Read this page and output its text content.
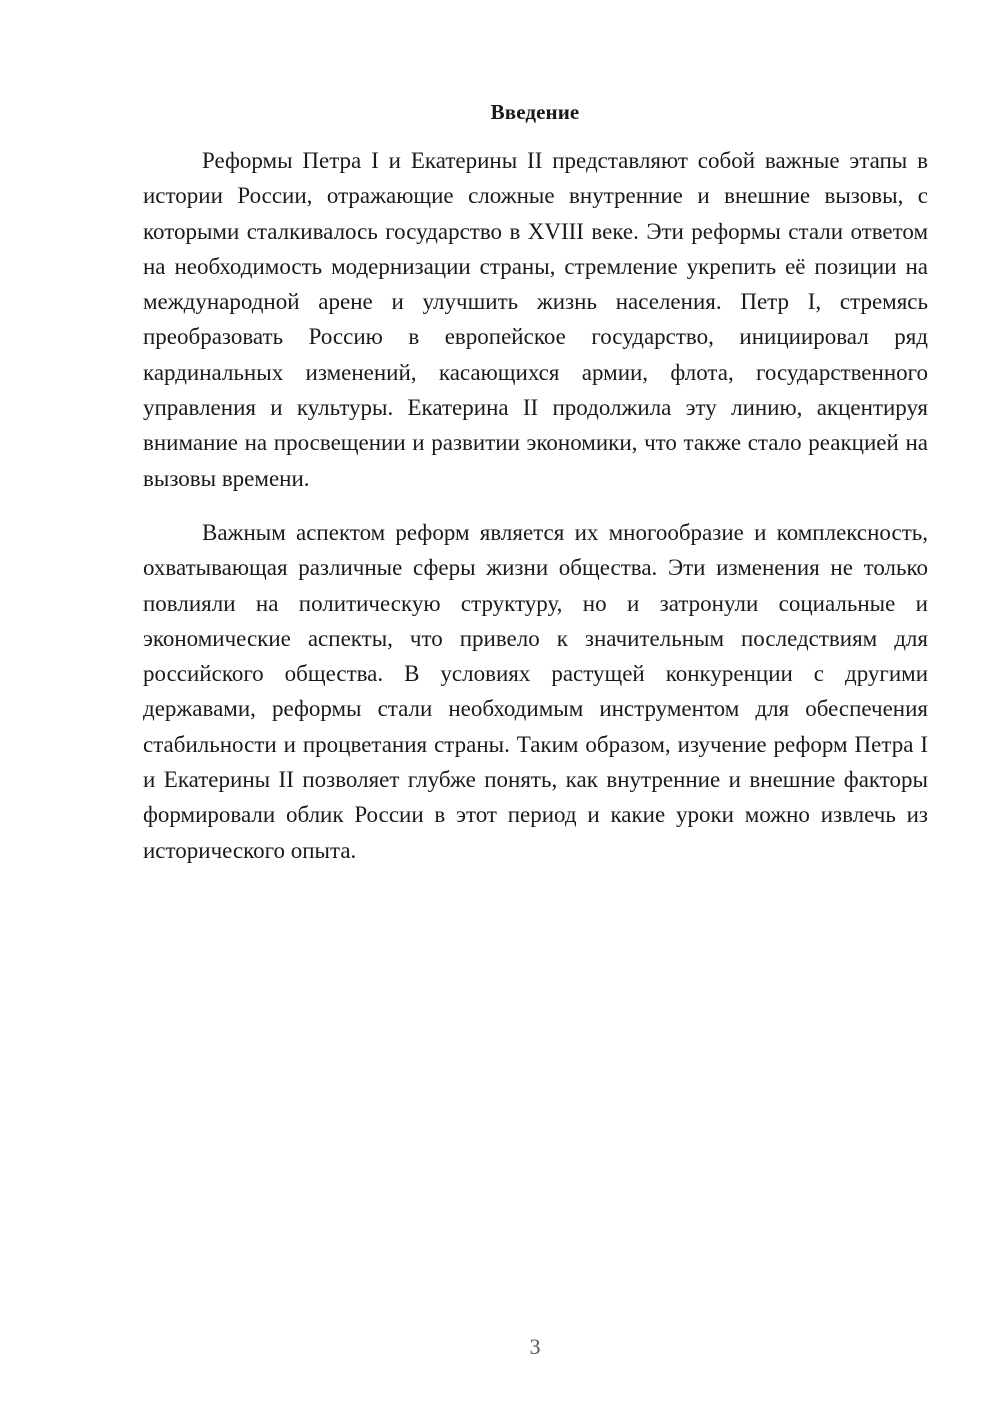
Введение

Реформы Петра I и Екатерины II представляют собой важные этапы в истории России, отражающие сложные внутренние и внешние вызовы, с которыми сталкивалось государство в XVIII веке. Эти реформы стали ответом на необходимость модернизации страны, стремление укрепить её позиции на международной арене и улучшить жизнь населения. Петр I, стремясь преобразовать Россию в европейское государство, инициировал ряд кардинальных изменений, касающихся армии, флота, государственного управления и культуры. Екатерина II продолжила эту линию, акцентируя внимание на просвещении и развитии экономики, что также стало реакцией на вызовы времени.

Важным аспектом реформ является их многообразие и комплексность, охватывающая различные сферы жизни общества. Эти изменения не только повлияли на политическую структуру, но и затронули социальные и экономические аспекты, что привело к значительным последствиям для российского общества. В условиях растущей конкуренции с другими державами, реформы стали необходимым инструментом для обеспечения стабильности и процветания страны. Таким образом, изучение реформ Петра I и Екатерины II позволяет глубже понять, как внутренние и внешние факторы формировали облик России в этот период и какие уроки можно извлечь из исторического опыта.

3
